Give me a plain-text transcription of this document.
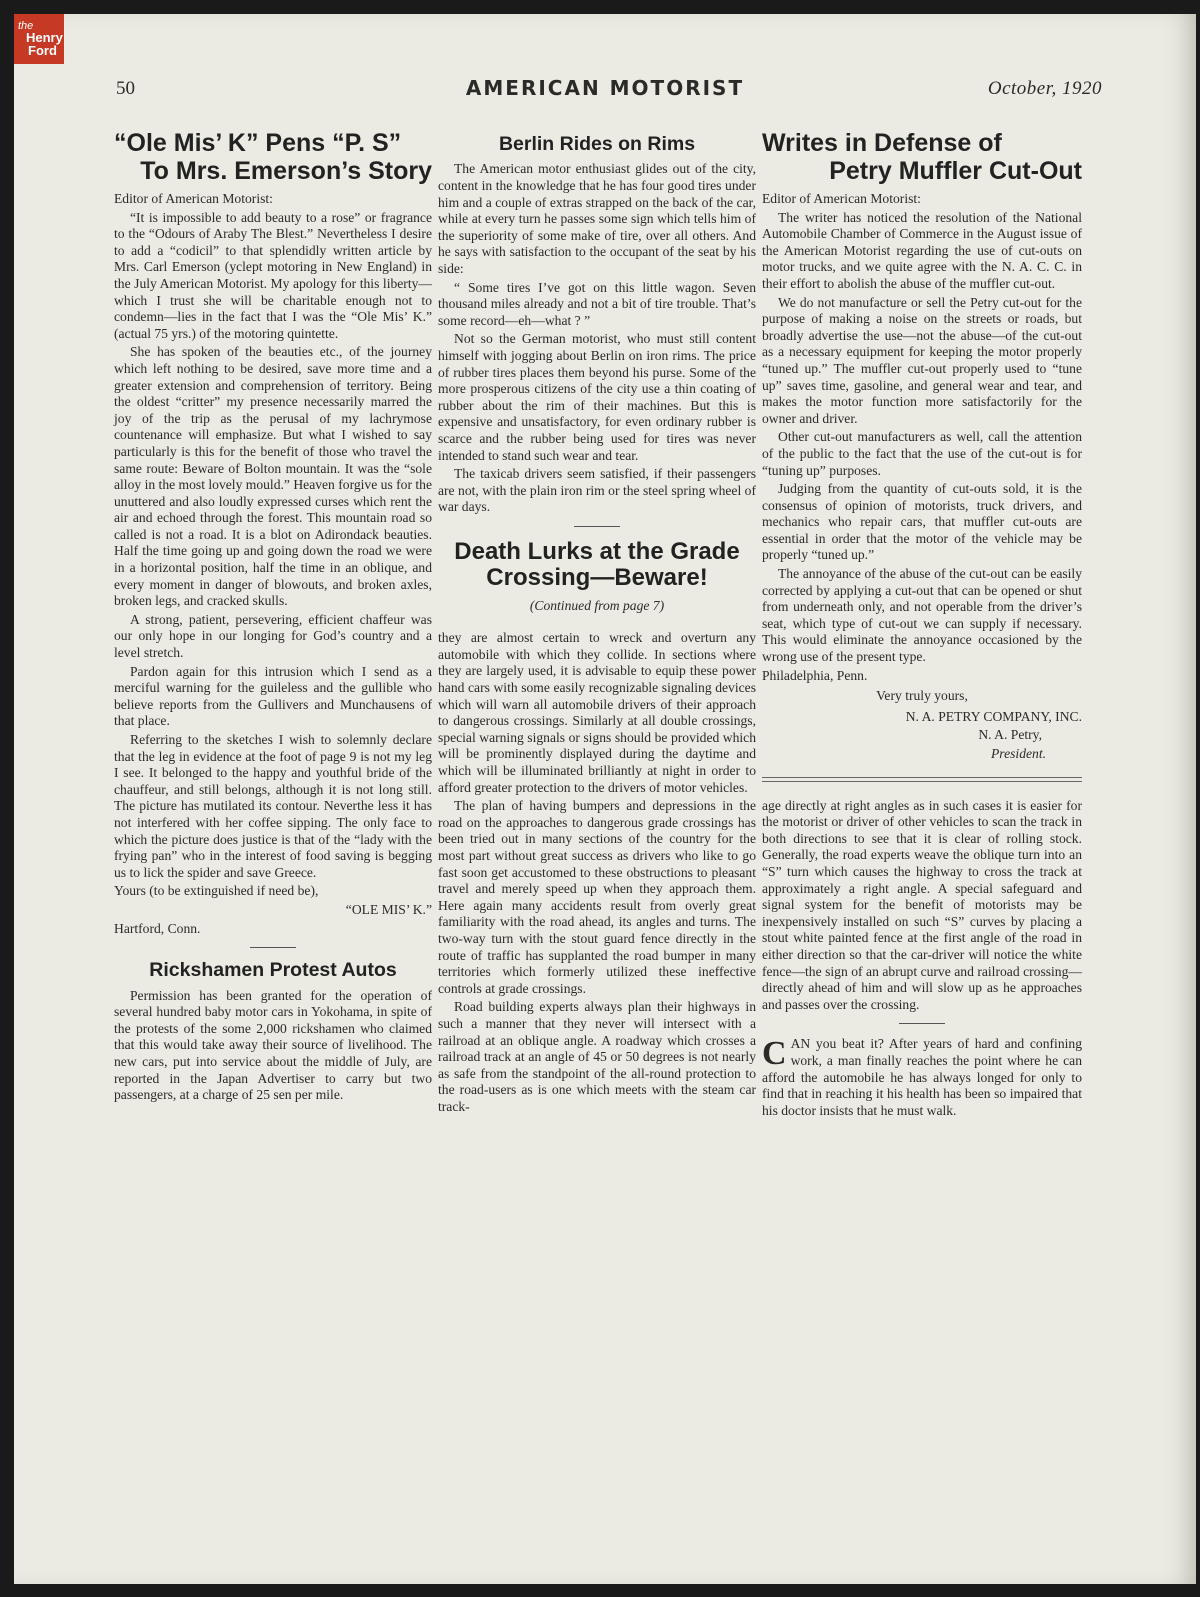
the
Henry
Ford
50	AMERICAN MOTORIST	October, 1920
“Ole Mis’ K” Pens “P. S”
To Mrs. Emerson’s Story

Editor of American Motorist:

“It is impossible to add beauty to a rose” or fragrance to the “Odours of Araby The Blest.” Nevertheless I desire to add a “codicil” to that splendidly written article by Mrs. Carl Emerson (yclept motoring in New England) in the July American Motorist. My apology for this liberty—which I trust she will be charitable enough not to condemn—lies in the fact that I was the “Ole Mis’ K.” (actual 75 yrs.) of the motoring quintette.

She has spoken of the beauties etc., of the journey which left nothing to be desired, save more time and a greater extension and comprehension of territory. Being the oldest “critter” my presence necessarily marred the joy of the trip as the perusal of my lachrymose countenance will emphasize. But what I wished to say particularly is this for the benefit of those who travel the same route: Beware of Bolton mountain. It was the “sole alloy in the most lovely mould.” Heaven forgive us for the unuttered and also loudly expressed curses which rent the air and echoed through the forest. This mountain road so called is not a road. It is a blot on Adirondack beauties. Half the time going up and going down the road we were in a horizontal position, half the time in an oblique, and every moment in danger of blowouts, and broken axles, broken legs, and cracked skulls.

A strong, patient, persevering, efficient chaffeur was our only hope in our longing for God’s country and a level stretch.

Pardon again for this intrusion which I send as a merciful warning for the guileless and the gullible who believe reports from the Gullivers and Munchausens of that place.

Referring to the sketches I wish to solemnly declare that the leg in evidence at the foot of page 9 is not my leg I see. It belonged to the happy and youthful bride of the chauffeur, and still belongs, although it is not long still. The picture has mutilated its contour. Neverthe less it has not interfered with her coffee sipping. The only face to which the picture does justice is that of the “lady with the frying pan” who in the interest of food saving is begging us to lick the spider and save Greece.

Yours (to be extinguished if need be),

“OLE MIS’ K.”

Hartford, Conn.

Rickshamen Protest Autos

Permission has been granted for the operation of several hundred baby motor cars in Yokohama, in spite of the protests of the some 2,000 rickshamen who claimed that this would take away their source of livelihood. The new cars, put into service about the middle of July, are reported in the Japan Advertiser to carry but two passengers, at a charge of 25 sen per mile.

Berlin Rides on Rims

The American motor enthusiast glides out of the city, content in the knowledge that he has four good tires under him and a couple of extras strapped on the back of the car, while at every turn he passes some sign which tells him of the superiority of some make of tire, over all others. And he says with satisfaction to the occupant of the seat by his side:

“ Some tires I’ve got on this little wagon. Seven thousand miles already and not a bit of tire trouble. That’s some record—eh—what ? ”

Not so the German motorist, who must still content himself with jogging about Berlin on iron rims. The price of rubber tires places them beyond his purse. Some of the more prosperous citizens of the city use a thin coating of rubber about the rim of their machines. But this is expensive and unsatisfactory, for even ordinary rubber is scarce and the rubber being used for tires was never intended to stand such wear and tear.

The taxicab drivers seem satisfied, if their passengers are not, with the plain iron rim or the steel spring wheel of war days.

Death Lurks at the Grade
Crossing—Beware!

(Continued from page 7)

they are almost certain to wreck and overturn any automobile with which they collide. In sections where they are largely used, it is advisable to equip these power hand cars with some easily recognizable signaling devices which will warn all automobile drivers of their approach to dangerous crossings. Similarly at all double crossings, special warning signals or signs should be provided which will be prominently displayed during the daytime and which will be illuminated brilliantly at night in order to afford greater protection to the drivers of motor vehicles.

The plan of having bumpers and depressions in the road on the approaches to dangerous grade crossings has been tried out in many sections of the country for the most part without great success as drivers who like to go fast soon get accustomed to these obstructions to pleasant travel and merely speed up when they approach them. Here again many accidents result from overly great familiarity with the road ahead, its angles and turns. The two-way turn with the stout guard fence directly in the route of traffic has supplanted the road bumper in many territories which formerly utilized these ineffective controls at grade crossings.

Road building experts always plan their highways in such a manner that they never will intersect with a railroad at an oblique angle. A roadway which crosses a railroad track at an angle of 45 or 50 degrees is not nearly as safe from the standpoint of the all-round protection to the road-users as is one which meets with the steam car track-

Writes in Defense of
Petry Muffler Cut-Out

Editor of American Motorist:

The writer has noticed the resolution of the National Automobile Chamber of Commerce in the August issue of the American Motorist regarding the use of cut-outs on motor trucks, and we quite agree with the N. A. C. C. in their effort to abolish the abuse of the muffler cut-out.

We do not manufacture or sell the Petry cut-out for the purpose of making a noise on the streets or roads, but broadly advertise the use—not the abuse—of the cut-out as a necessary equipment for keeping the motor properly “tuned up.” The muffler cut-out properly used to “tune up” saves time, gasoline, and general wear and tear, and makes the motor function more satisfactorily for the owner and driver.

Other cut-out manufacturers as well, call the attention of the public to the fact that the use of the cut-out is for “tuning up” purposes.

Judging from the quantity of cut-outs sold, it is the consensus of opinion of motorists, truck drivers, and mechanics who repair cars, that muffler cut-outs are essential in order that the motor of the vehicle may be properly “tuned up.”

The annoyance of the abuse of the cut-out can be easily corrected by applying a cut-out that can be opened or shut from underneath only, and not operable from the driver’s seat, which type of cut-out we can supply if necessary. This would eliminate the annoyance occasioned by the wrong use of the present type.

Philadelphia, Penn.

Very truly yours,

N. A. PETRY COMPANY, INC.

N. A. Petry,

President.

age directly at right angles as in such cases it is easier for the motorist or driver of other vehicles to scan the track in both directions to see that it is clear of rolling stock. Generally, the road experts weave the oblique turn into an “S” turn which causes the highway to cross the track at approximately a right angle. A special safeguard and signal system for the benefit of motorists may be inexpensively installed on such “S” curves by placing a stout white painted fence at the first angle of the road in either direction so that the car-driver will notice the white fence—the sign of an abrupt curve and railroad crossing—directly ahead of him and will slow up as he approaches and passes over the crossing.

CAN you beat it? After years of hard and confining work, a man finally reaches the point where he can afford the automobile he has always longed for only to find that in reaching it his health has been so impaired that his doctor insists that he must walk.
